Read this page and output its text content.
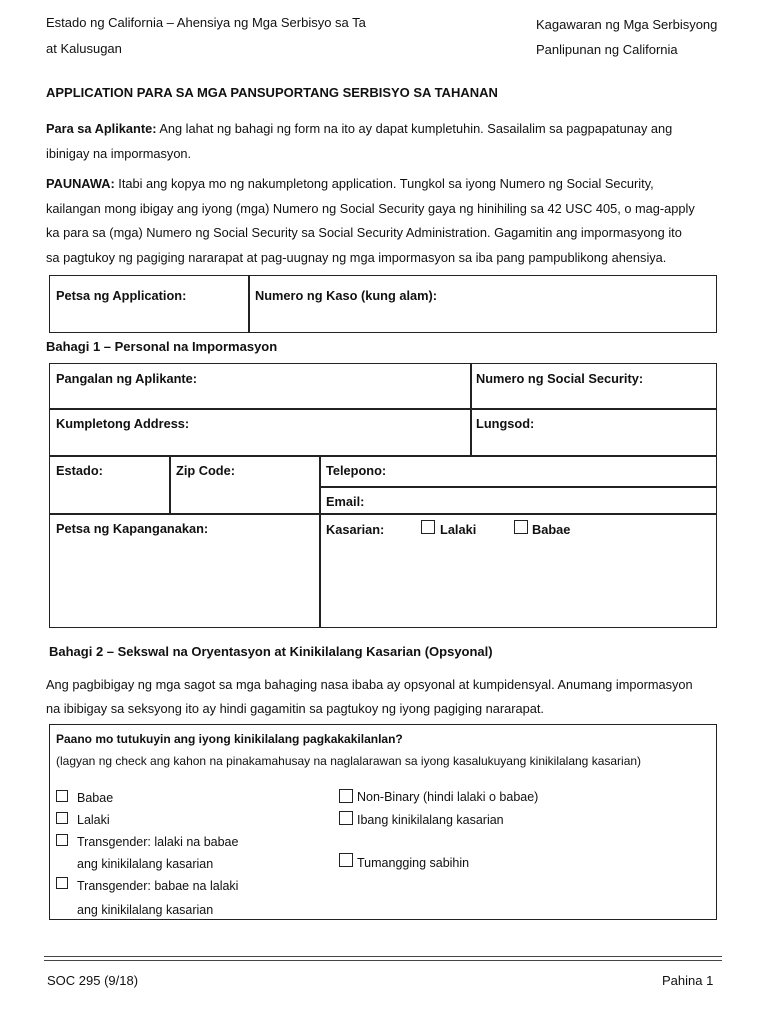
Estado ng California – Ahensiya ng Mga Serbisyo sa Ta
at Kalusugan
Kagawaran ng Mga Serbisyong
Panlipunan ng California
APPLICATION PARA SA MGA PANSUPORTANG SERBISYO SA TAHANAN
Para sa Aplikante: Ang lahat ng bahagi ng form na ito ay dapat kumpletuhin. Sasailalim sa pagpapatunay ang
ibinigay na impormasyon.
PAUNAWA: Itabi ang kopya mo ng nakumpletong application. Tungkol sa iyong Numero ng Social Security,
kailangan mong ibigay ang iyong (mga) Numero ng Social Security gaya ng hinihiling sa 42 USC 405, o mag-apply
ka para sa (mga) Numero ng Social Security sa Social Security Administration. Gagamitin ang impormasyong ito
sa pagtukoy ng pagiging nararapat at pag-uugnay ng mga impormasyon sa iba pang pampublikong ahensiya.
Petsa ng Application:	Numero ng Kaso (kung alam):
Bahagi 1 – Personal na Impormasyon
Pangalan ng Aplikante:	Numero ng Social Security:
Kumpletong Address:	Lungsod:
Estado:	Zip Code:	Telepono:
Email:
Petsa ng Kapanganakan:	Kasarian:	Lalaki	Babae
Bahagi 2 – Sekswal na Oryentasyon at Kinikilalang Kasarian (Opsyonal)
Ang pagbibigay ng mga sagot sa mga bahaging nasa ibaba ay opsyonal at kumpidensyal. Anumang impormasyon
na ibibigay sa seksyong ito ay hindi gagamitin sa pagtukoy ng iyong pagiging nararapat.
Paano mo tutukuyin ang iyong kinikilalang pagkakakilanlan?
(lagyan ng check ang kahon na pinakamahusay na naglalarawan sa iyong kasalukuyang kinikilalang kasarian)
Babae
Lalaki
Transgender: lalaki na babae
ang kinikilalang kasarian
Transgender: babae na lalaki
ang kinikilalang kasarian
Non-Binary (hindi lalaki o babae)
Ibang kinikilalang kasarian
Tumangging sabihin
SOC 295 (9/18)	Pahina 1
